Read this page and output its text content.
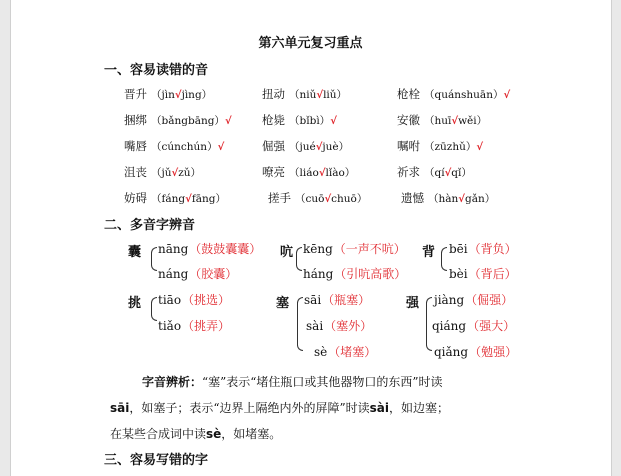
第六单元复习重点
一、容易读错的音
晋升 （jìn√jìng）	扭动 （niǔ√liǔ）	枪栓 （quánshuān）√
捆绑 （bǎngbāng）√	枪毙 （bǐbì）√	安徽 （huī√wěi）
嘴唇 （cúnchún）√	倔强 （jué√juè）	嘱咐 （zūzhǔ）√
沮丧 （jǔ√zǔ）	嘹亮 （liáo√lǐào）	祈求 （qí√qǐ）
妨碍 （fáng√fāng）	搓手 （cuō√chuō）	遗憾 （hàn√gǎn）
二、多音字辨音
囊 nāng（鼓鼓囊囊）
náng（胶囊）
吭 kēng（一声不吭）
háng（引吭高歌）
背 bēi（背负）
bèi（背后）
挑 tiāo（挑选）
tiǎo（挑弄）
塞 sāi（瓶塞）
sài（塞外）
sè（堵塞）
强 jiàng（倔强）
qiáng（强大）
qiǎng（勉强）
字音辨析：“塞”表示“堵住瓶口或其他器物口的东西”时读
sāi，如塞子；表示“边界上隔绝内外的屏障”时读sài，如边塞；
在某些合成词中读sè，如堵塞。
三、容易写错的字
